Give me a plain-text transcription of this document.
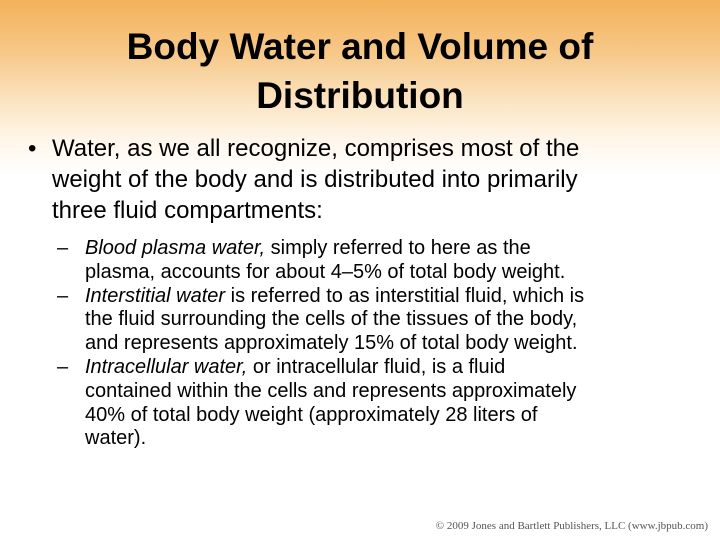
Body Water and Volume of
Distribution
• Water, as we all recognize, comprises most of the
weight of the body and is distributed into primarily
three fluid compartments:
– Blood plasma water, simply referred to here as the
plasma, accounts for about 4–5% of total body weight.
– Interstitial water is referred to as interstitial fluid, which is
the fluid surrounding the cells of the tissues of the body,
and represents approximately 15% of total body weight.
– Intracellular water, or intracellular fluid, is a fluid
contained within the cells and represents approximately
40% of total body weight (approximately 28 liters of
water).
© 2009 Jones and Bartlett Publishers, LLC (www.jbpub.com)
